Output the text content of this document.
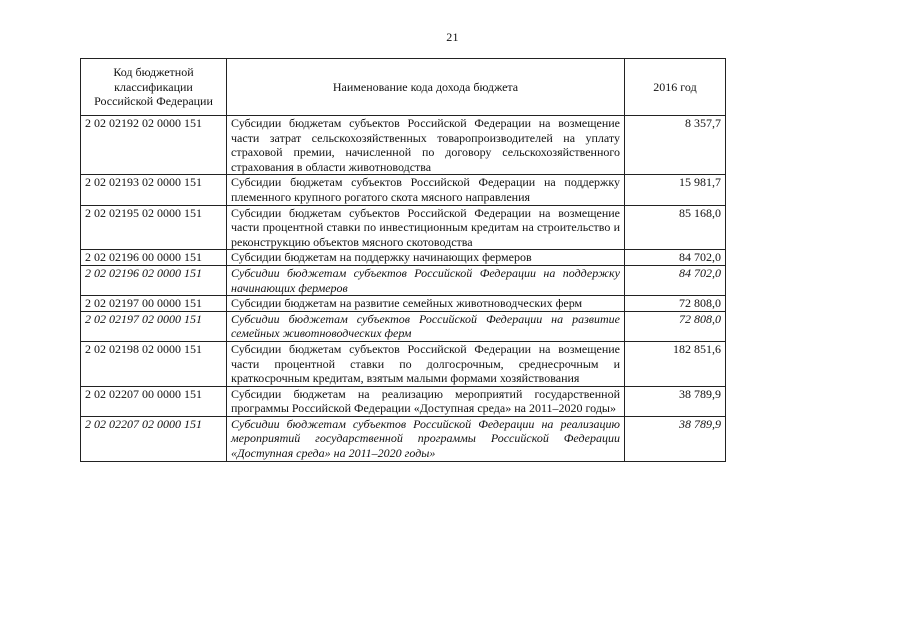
21
Код бюджетной классификации Российской Федерации	Наименование кода дохода бюджета	2016 год
2 02 02192 02 0000 151	Субсидии бюджетам субъектов Российской Федерации на возмещение части затрат сельскохозяйственных товаропроизводителей на уплату страховой премии, начисленной по договору сельскохозяйственного страхования в области животноводства	8 357,7
2 02 02193 02 0000 151	Субсидии бюджетам субъектов Российской Федерации на поддержку племенного крупного рогатого скота мясного направления	15 981,7
2 02 02195 02 0000 151	Субсидии бюджетам субъектов Российской Федерации на возмещение части процентной ставки по инвестиционным кредитам на строительство и реконструкцию объектов мясного скотоводства	85 168,0
2 02 02196 00 0000 151	Субсидии бюджетам на поддержку начинающих фермеров	84 702,0
2 02 02196 02 0000 151	Субсидии бюджетам субъектов Российской Федерации на поддержку начинающих фермеров	84 702,0
2 02 02197 00 0000 151	Субсидии бюджетам на развитие семейных животноводческих ферм	72 808,0
2 02 02197 02 0000 151	Субсидии бюджетам субъектов Российской Федерации на развитие семейных животноводческих ферм	72 808,0
2 02 02198 02 0000 151	Субсидии бюджетам субъектов Российской Федерации на возмещение части процентной ставки по долгосрочным, среднесрочным и краткосрочным кредитам, взятым малыми формами хозяйствования	182 851,6
2 02 02207 00 0000 151	Субсидии бюджетам на реализацию мероприятий государственной программы Российской Федерации «Доступная среда» на 2011–2020 годы»	38 789,9
2 02 02207 02 0000 151	Субсидии бюджетам субъектов Российской Федерации на реализацию мероприятий государственной программы Российской Федерации «Доступная среда» на 2011–2020 годы»	38 789,9
